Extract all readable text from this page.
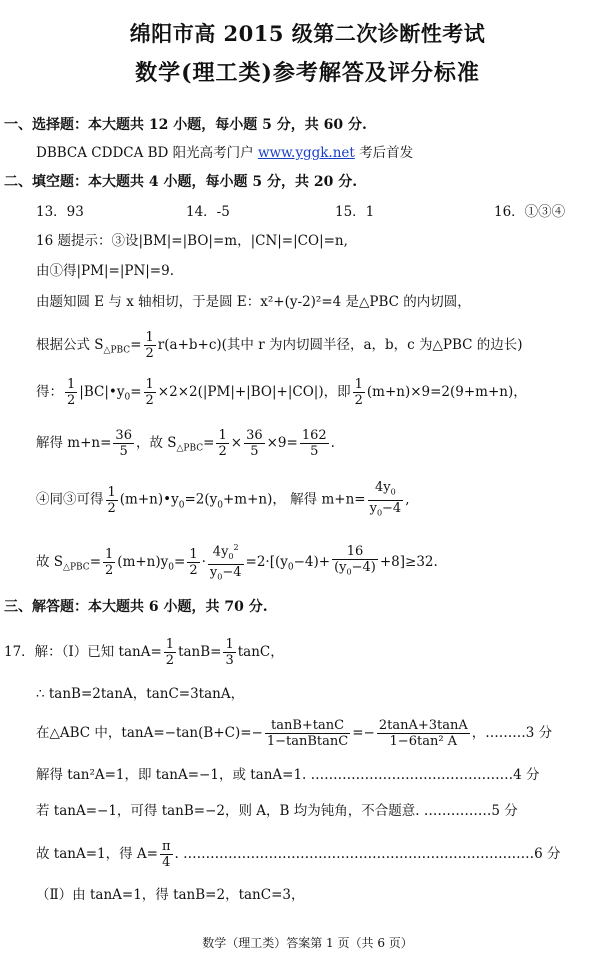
绵阳市高 2015 级第二次诊断性考试
数学(理工类)参考解答及评分标准
一、选择题：本大题共 12 小题，每小题 5 分，共 60 分.
DBBCA CDDCA BD 阳光高考门户 www.yggk.net 考后首发
二、填空题：本大题共 4 小题，每小题 5 分，共 20 分.
13．93	14．-5	15．1	16．①③④
16 题提示：③设|BM|=|BO|=m，|CN|=|CO|=n,
由①得|PM|=|PN|=9.
由题知圆 E 与 x 轴相切，于是圆 E：x²+(y-2)²=4 是△PBC 的内切圆，
根据公式 $S_{\triangle PBC}= \frac{1}{2} r(a+b+c)$(其中 r 为内切圆半径，a，b，c 为△PBC 的边长)
得： $\frac{1}{2}$ $|BC|•y_0= \frac{1}{2} \times 2\times 2(|PM|+|BO|+|CO|)$，即 $\frac{1}{2} (m+n)\times 9=2(9+m+n)$，
解得 $m+n= \frac{36}{5}$ ，故 $S_{\triangle PBC}= \frac{1}{2} \times \frac{36}{5} \times 9= \frac{162}{5}$ .
④同③可得 $\frac{1}{2}$ $(m+n)•y_0=2(y_0+m+n)$， 解得 $m+n= \frac{4y_0}{y_0-4}$ ,
故 $S_{\triangle PBC}= \frac{1}{2} (m+n)y_0= \frac{1}{2} \cdot \frac{4y_0^2}{y_0-4} =2\cdot[(y_0-4)+ \frac{16}{(y_0-4)} +8]\ge 32$.
三、解答题：本大题共 6 小题，共 70 分.
17．解：（Ⅰ）已知 $\tan A= \frac{1}{2} \tan B= \frac{1}{3}$ tanC，
∴ tanB=2tanA，tanC=3tanA，
在△ABC 中，$\tan A=-\tan(B+C)=- \frac{\tan B+\tan C}{\text{1−tanBtanC}} =- \frac{2\tan A+3\tan A}{\text{1−6tan² A}}$ ，………3 分
解得 tan²A=1，即 tanA=−1，或 tanA=1. ………………………………………4 分
若 tanA=−1，可得 tanB=−2，则 A，B 均为钝角，不合题意. ……………5 分
故 tanA=1，得 $A= \frac{\pi}{4}$ . ……………………………………………………………………6 分
（Ⅱ）由 tanA=1，得 tanB=2，tanC=3，
数学（理工类）答案第 1 页（共 6 页）
